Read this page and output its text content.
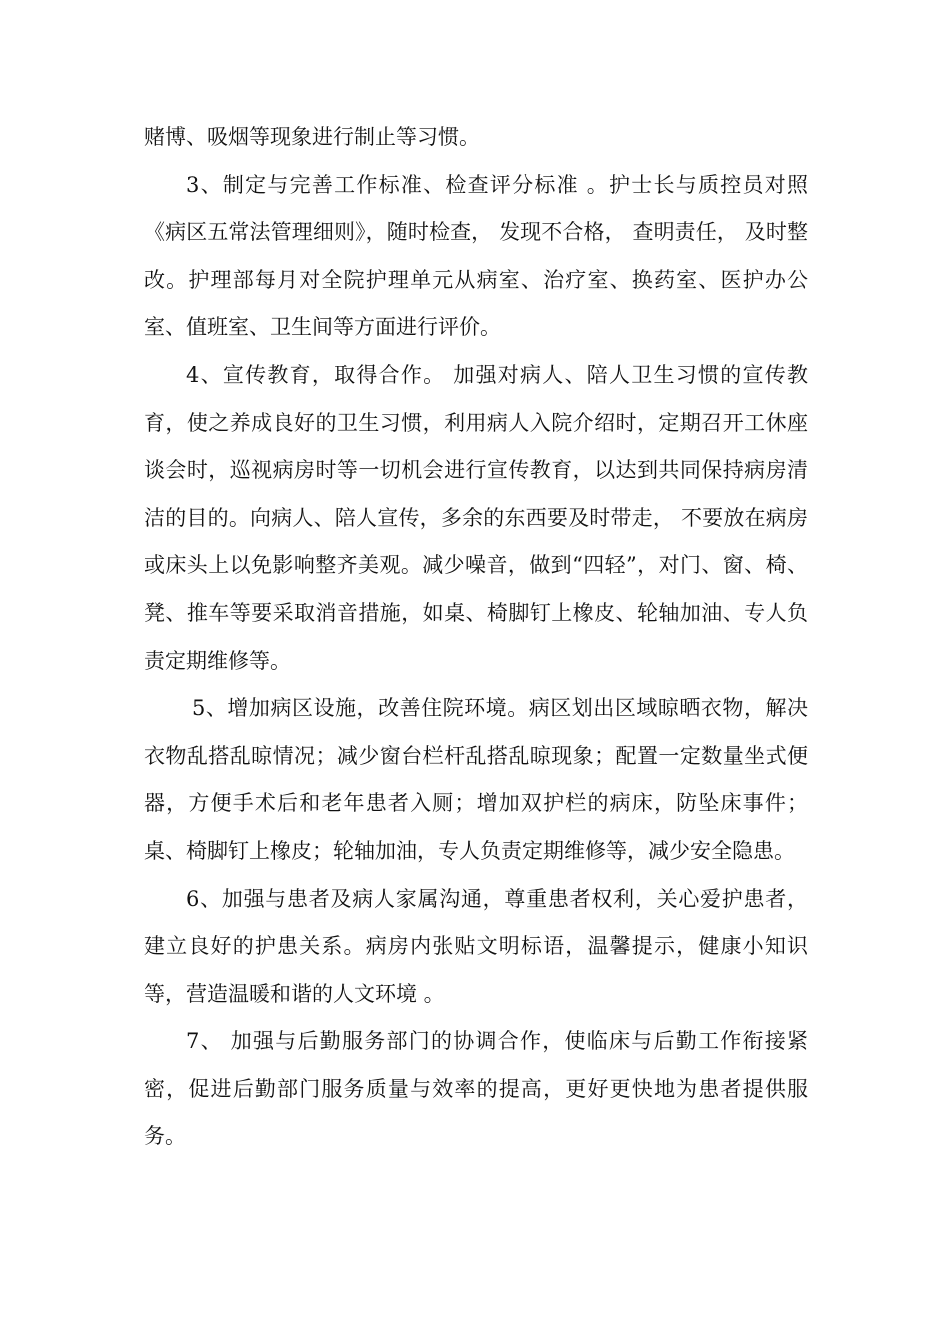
赌博、吸烟等现象进行制止等习惯。

3、制定与完善工作标准、检查评分标准 。护士长与质控员对照《病区五常法管理细则》，随时检查， 发现不合格， 查明责任， 及时整改。护理部每月对全院护理单元从病室、治疗室、换药室、医护办公室、值班室、卫生间等方面进行评价。

4、宣传教育，取得合作。 加强对病人、陪人卫生习惯的宣传教育，使之养成良好的卫生习惯，利用病人入院介绍时，定期召开工休座谈会时，巡视病房时等一切机会进行宣传教育，以达到共同保持病房清洁的目的。向病人、陪人宣传，多余的东西要及时带走， 不要放在病房或床头上以免影响整齐美观。减少噪音，做到“四轻”，对门、窗、椅、凳、推车等要采取消音措施，如桌、椅脚钉上橡皮、轮轴加油、专人负责定期维修等。

5、增加病区设施，改善住院环境。病区划出区域晾晒衣物，解决衣物乱搭乱晾情况；减少窗台栏杆乱搭乱晾现象；配置一定数量坐式便器，方便手术后和老年患者入厕；增加双护栏的病床，防坠床事件；桌、椅脚钉上橡皮；轮轴加油，专人负责定期维修等，减少安全隐患。

6、加强与患者及病人家属沟通，尊重患者权利，关心爱护患者，建立良好的护患关系。病房内张贴文明标语，温馨提示，健康小知识等，营造温暖和谐的人文环境 。

7、 加强与后勤服务部门的协调合作，使临床与后勤工作衔接紧密，促进后勤部门服务质量与效率的提高，更好更快地为患者提供服务。
